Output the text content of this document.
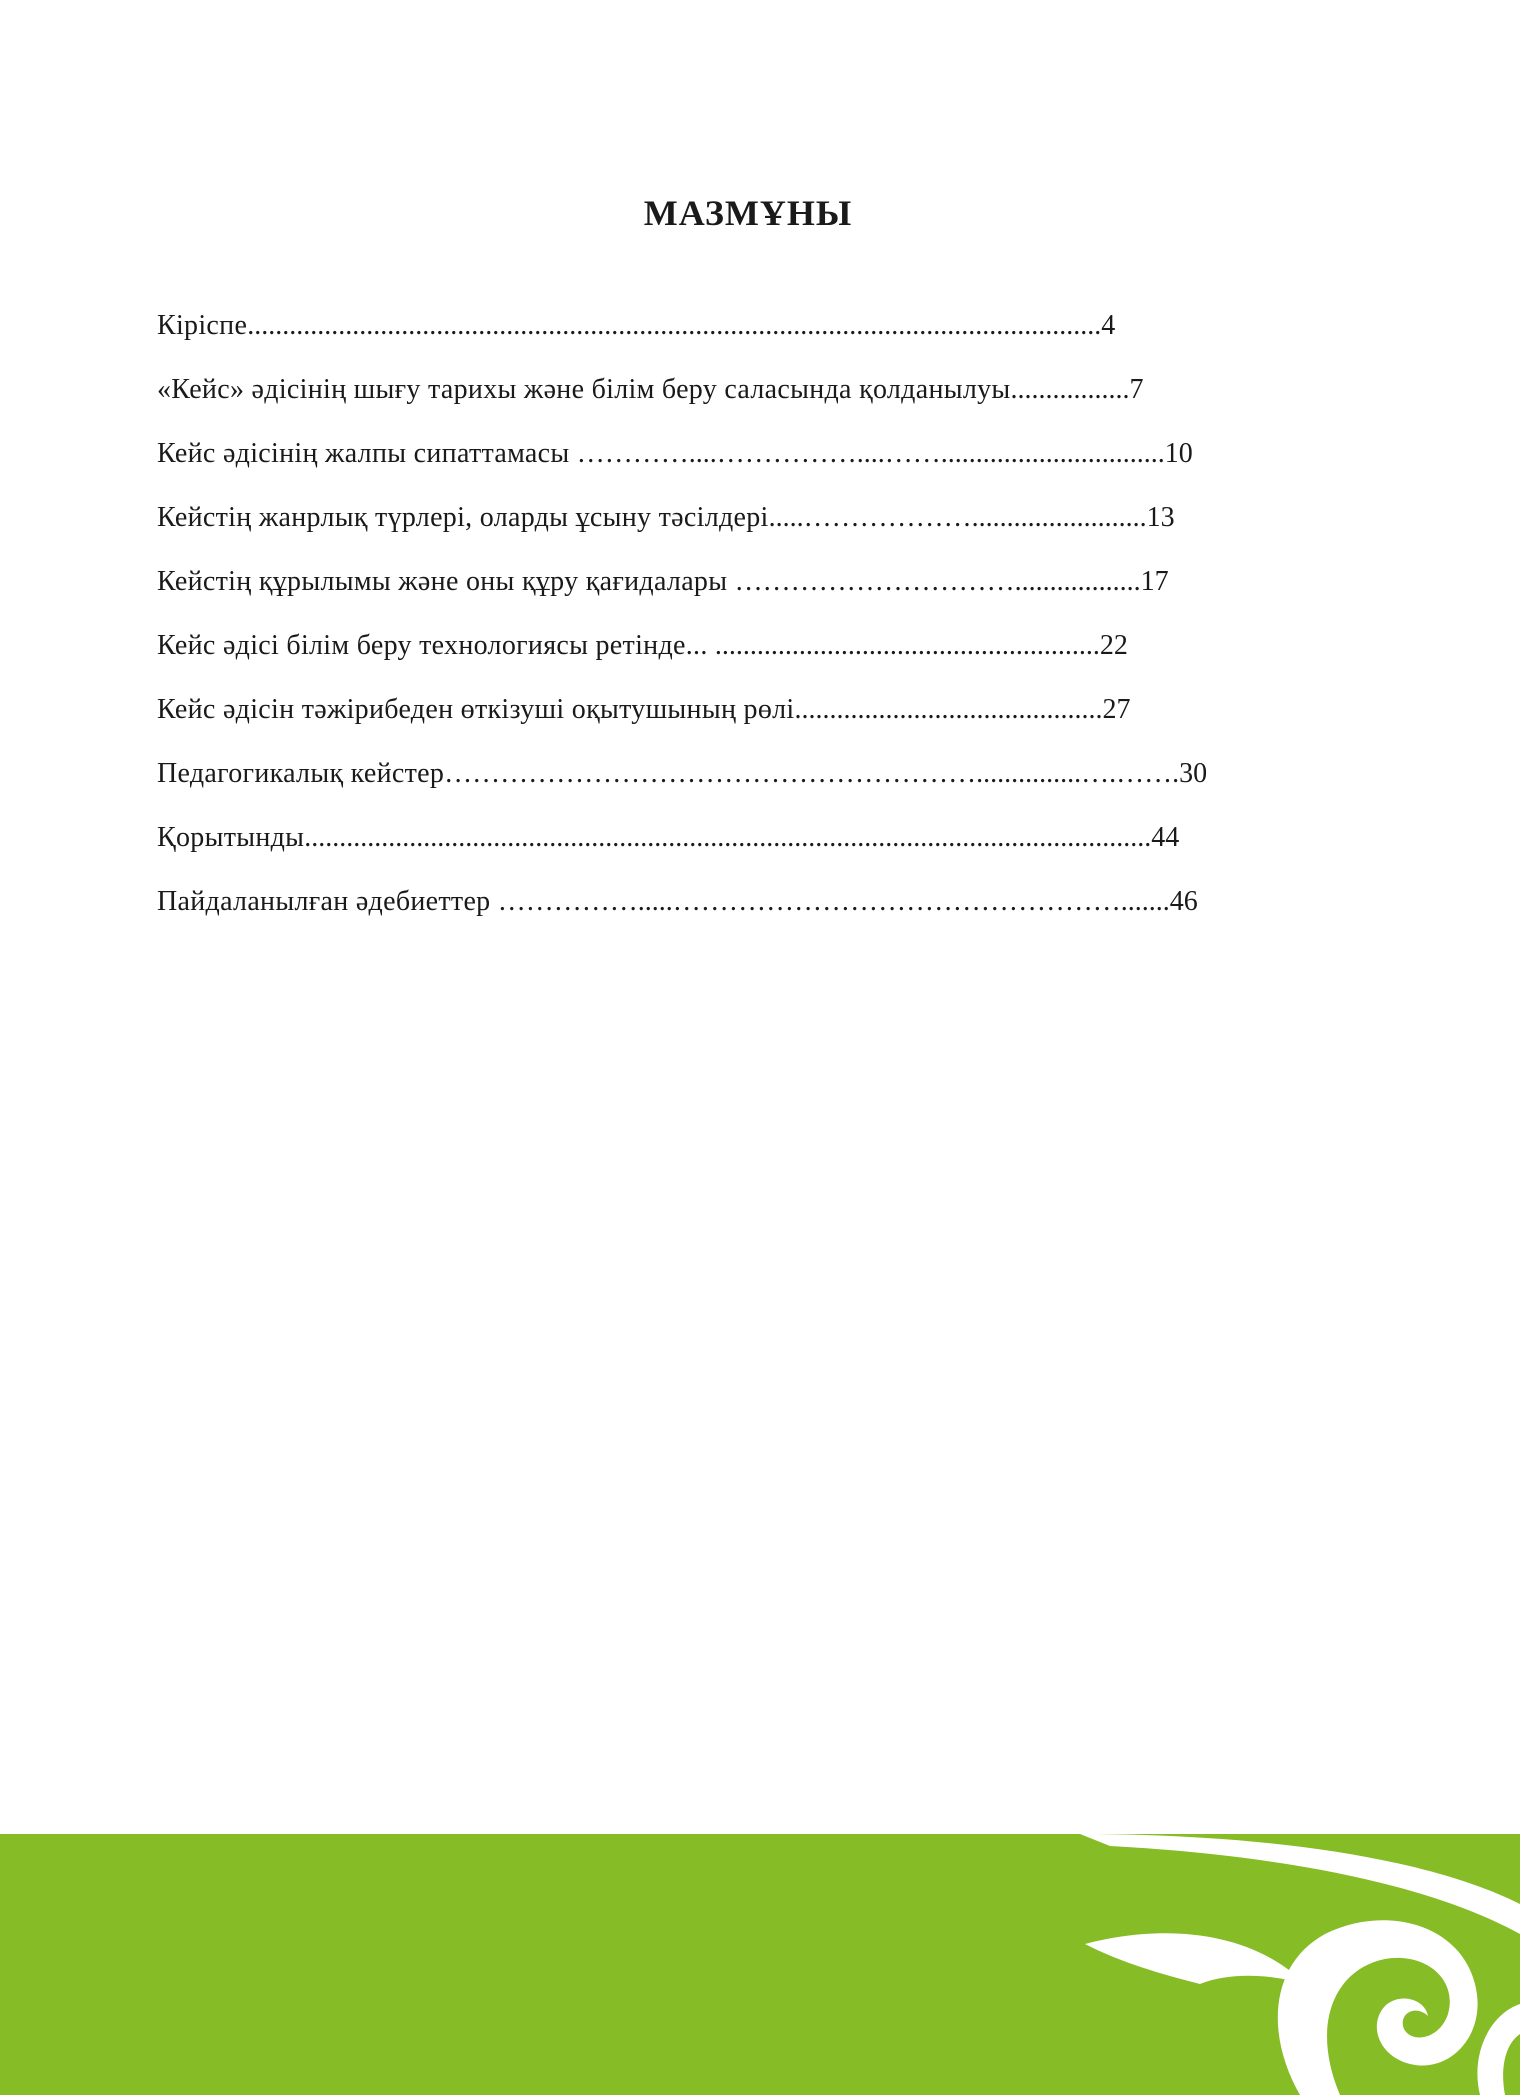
МАЗМҰНЫ
Кіріспе..........................................................................................................................4
«Кейс» әдісінің шығу тарихы және білім беру саласында қолданылуы.................7
Кейс әдісінің жалпы сипаттамасы …………....……………....……................................10
Кейстің жанрлық түрлері, оларды ұсыну тәсілдері.....……………….........................13
Кейстің құрылымы және оны құру қағидалары …………………………..................17
Кейс әдісі білім беру технологиясы ретінде... .......................................................22
Кейс әдісін тәжірибеден өткізуші оқытушының рөлі............................................27
Педагогикалық кейстер…………………………………………………...............….…….30
Қорытынды.........................................................................................................................44
Пайдаланылған әдебиеттер …………….....………………………………………….......46
